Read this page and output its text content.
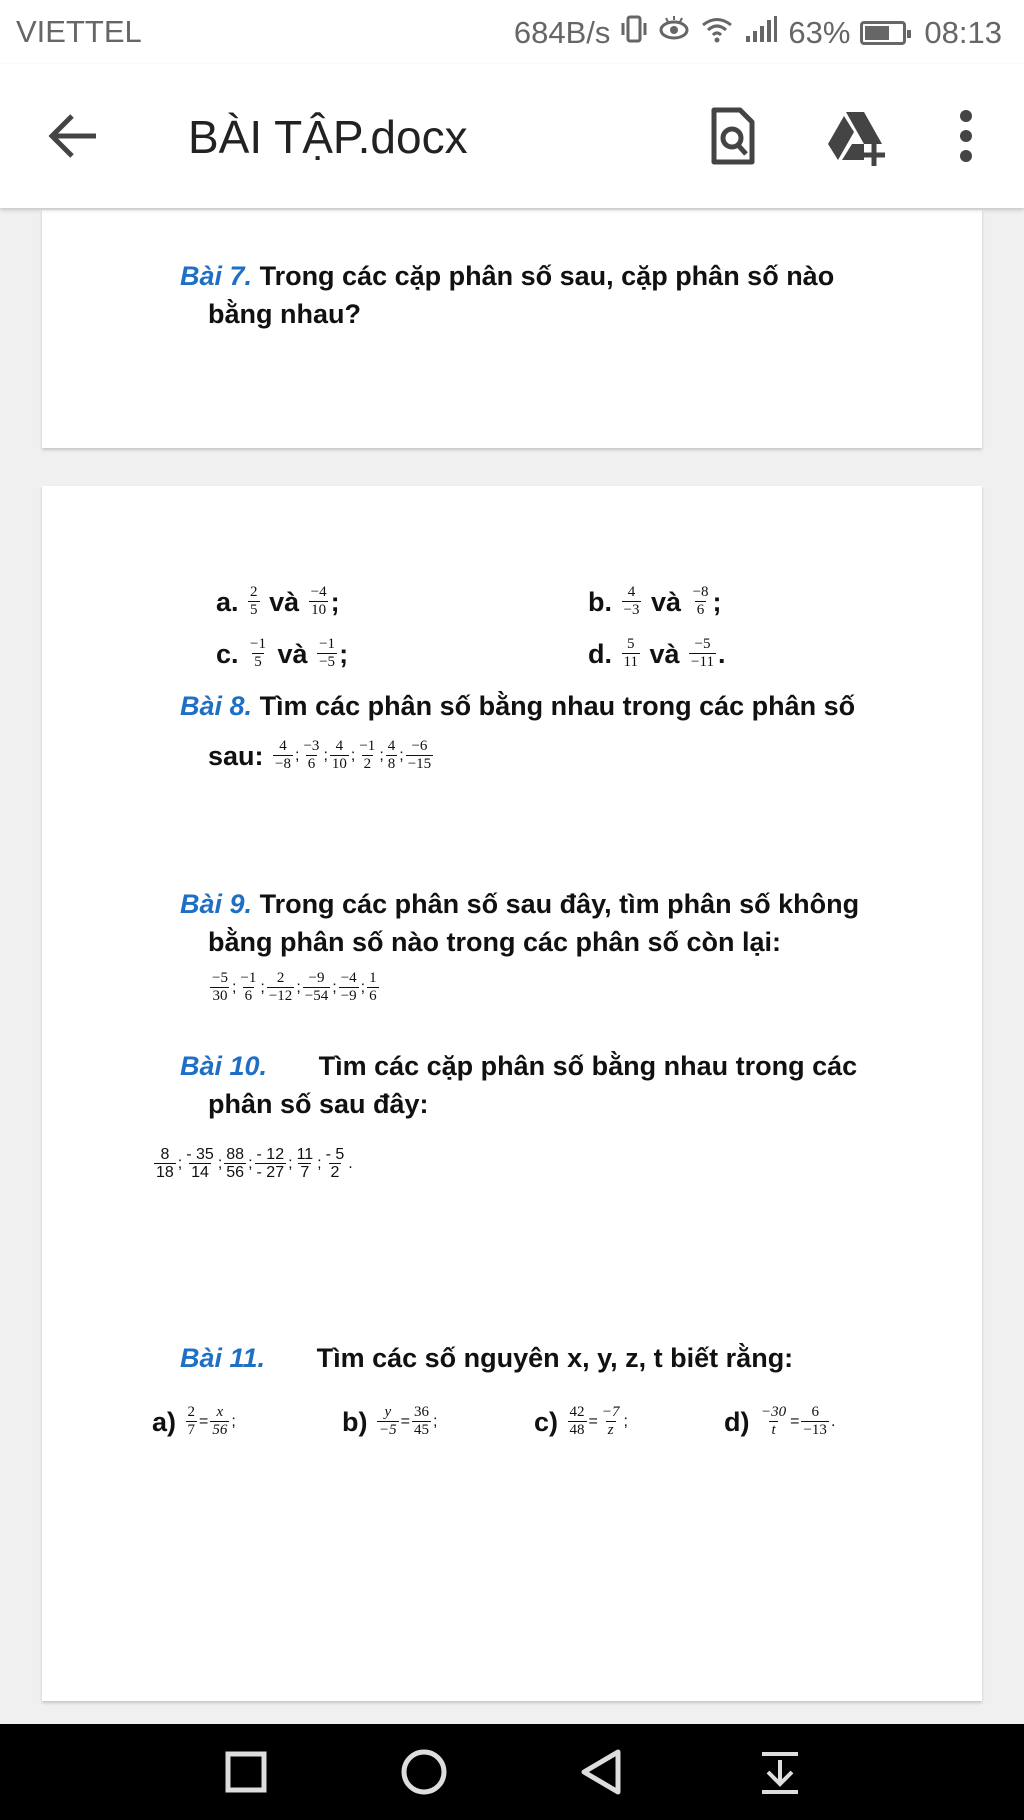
VIETTEL	684B/s	63% 08:13
BÀI TẬP.docx
Bài 7. Trong các cặp phân số sau, cặp phân số nào
bằng nhau?
a. $\frac{2}{5}$ và $\frac{-4}{10}$ ;	b. $\frac{4}{-3}$ và $\frac{-8}{6}$ ;
c. $\frac{-1}{5}$ và $\frac{-1}{-5}$ ;	d. $\frac{5}{11}$ và $\frac{-5}{-11}$ .
Bài 8. Tìm các phân số bằng nhau trong các phân số
sau: $\frac{4}{-8}$ ; $\frac{-3}{6}$ ; $\frac{4}{10}$ ; $\frac{-1}{2}$ ; $\frac{4}{8}$ ; $\frac{-6}{-15}$
Bài 9. Trong các phân số sau đây, tìm phân số không
bằng phân số nào trong các phân số còn lại:
$\frac{-5}{30}$ ; $\frac{-1}{6}$ ; $\frac{2}{-12}$ ; $\frac{-9}{-54}$ ; $\frac{-4}{-9}$ ; $\frac{1}{6}$
Bài 10. Tìm các cặp phân số bằng nhau trong các
phân số sau đây:
$\frac{8}{18}$ ; $\frac{- 35}{14}$ ; $\frac{88}{56}$ ; $\frac{- 12}{- 27}$ ; $\frac{11}{7}$ ; $\frac{- 5}{2}$ .
Bài 11. Tìm các số nguyên x, y, z, t biết rằng:
$a) \frac{2}{7} = \frac{x}{56}$ ;	$b) \frac{y}{-5} = \frac{36}{45}$ ;	$c) \frac{42}{48} = \frac{-7}{z}$ ;	$d) \frac{-30}{t} = \frac{6}{-13}$ .
